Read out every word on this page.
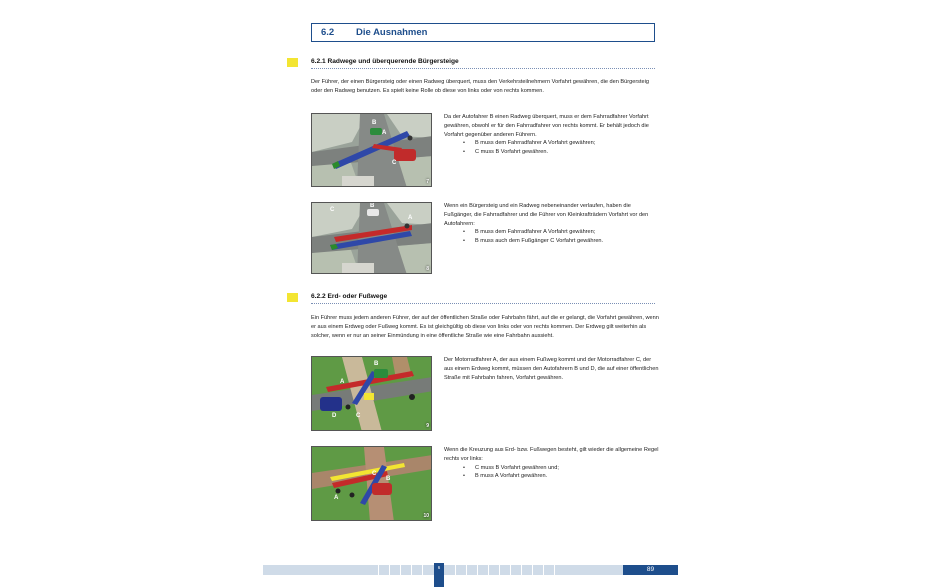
6.2	Die Ausnahmen
6.2.1 Radwege und überquerende Bürgersteige
Der Führer, der einen Bürgersteig oder einen Radweg überquert, muss den Verkehrsteilnehmern Vorfahrt gewähren, die den Bürgersteig oder den Radweg benutzen. Es spielt keine Rolle ob diese von links oder von rechts kommen.
A
B
C
7
Da der Autofahrer B einen Radweg überquert, muss er dem Fahrradfahrer Vorfahrt gewähren, obwohl er für den Fahrradfahrer von rechts kommt. Er behält jedoch die Vorfahrt gegenüber anderen Führern.
• B muss dem Fahrradfahrer A Vorfahrt gewähren;
• C muss B Vorfahrt gewähren.
A
B
C
8
Wenn ein Bürgersteig und ein Radweg nebeneinander verlaufen, haben die Fußgänger, die Fahrradfahrer und die Führer von Kleinkrafträdern Vorfahrt vor den Autofahrern:
• B muss dem Fahrradfahrer A Vorfahrt gewähren;
• B muss auch dem Fußgänger C Vorfahrt gewähren.
6.2.2 Erd- oder Fußwege
Ein Führer muss jedem anderen Führer, der auf der öffentlichen Straße oder Fahrbahn fährt, auf die er gelangt, die Vorfahrt gewähren, wenn er aus einem Erdweg oder Fußweg kommt. Es ist gleichgültig ob diese von links oder von rechts kommen. Der Erdweg gilt weiterhin als solcher, wenn er nur an seiner Einmündung in eine öffentliche Straße wie eine Fahrbahn aussieht.
A
B
C
D
9
Der Motorradfahrer A, der aus einem Fußweg kommt und der Motorradfahrer C, der aus einem Erdweg kommt, müssen den Autofahrern B und D, die auf einer öffentlichen Straße mit Fahrbahn fahren, Vorfahrt gewähren.
A
B
C
10
Wenn die Kreuzung aus Erd- bzw. Fußwegen besteht, gilt wieder die allgemeine Regel rechts vor links:
• C muss B Vorfahrt gewähren und;
• B muss A Vorfahrt gewähren.
6	89
